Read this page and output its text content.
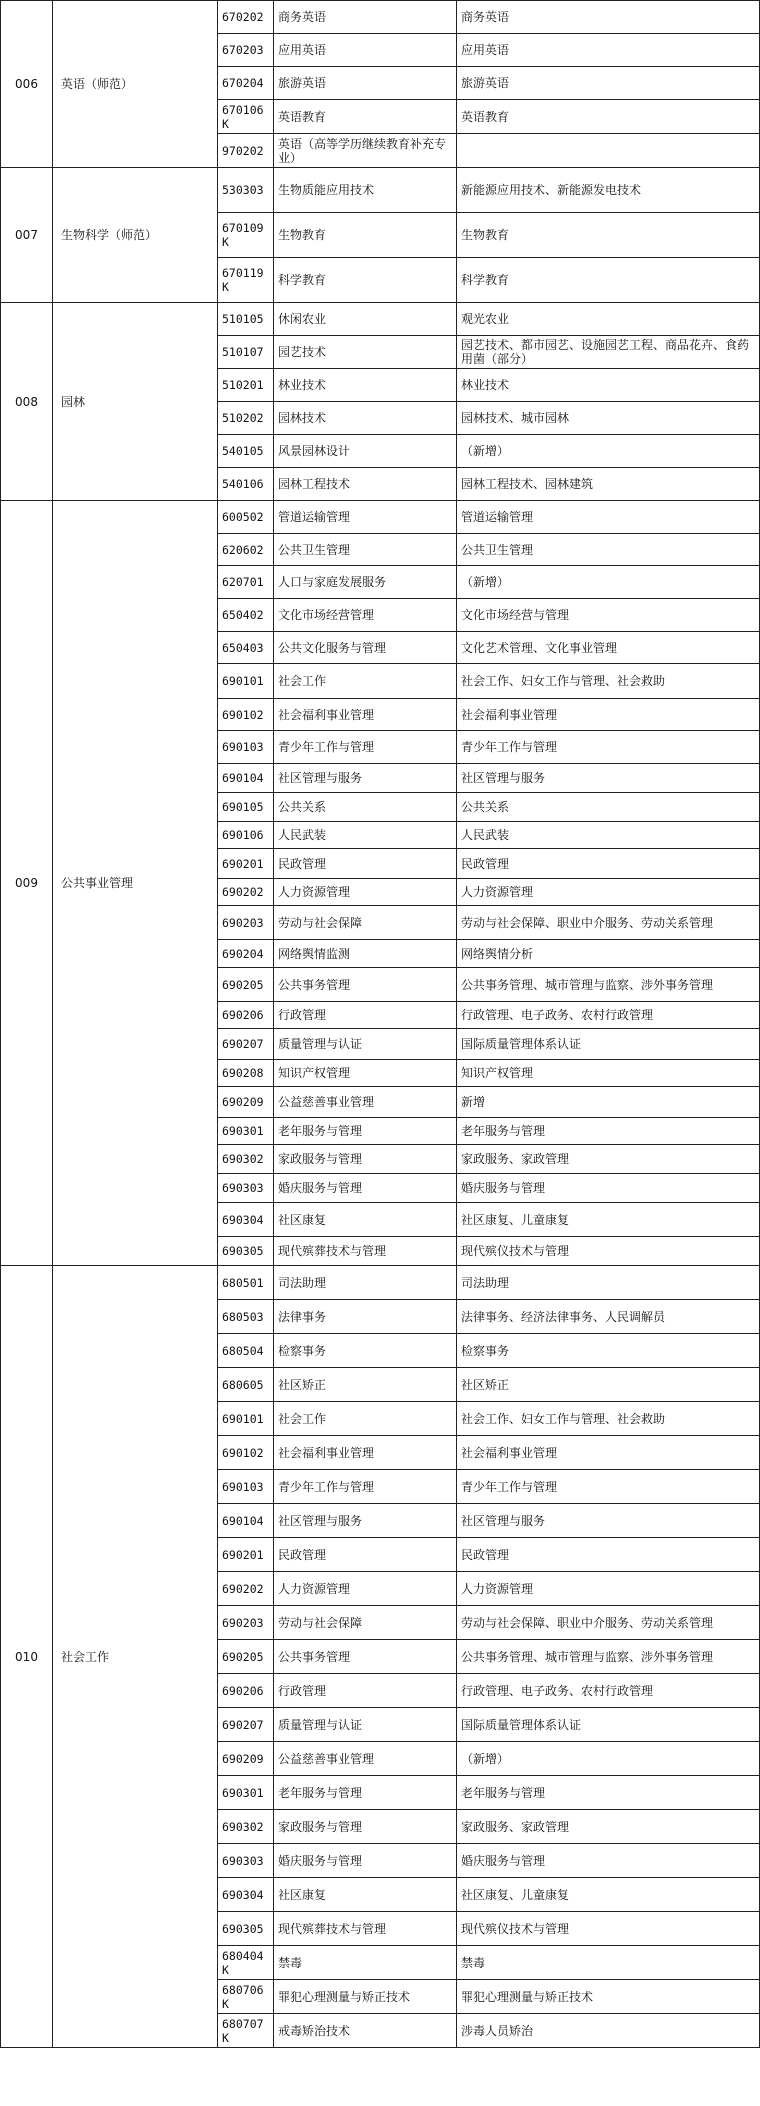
006	英语（师范）	670202	商务英语	商务英语
		670203	应用英语	应用英语
		670204	旅游英语	旅游英语
		670106K	英语教育	英语教育
		970202	英语（高等学历继续教育补充专业）	
007	生物科学（师范）	530303	生物质能应用技术	新能源应用技术、新能源发电技术
		670109K	生物教育	生物教育
		670119K	科学教育	科学教育
008	园林	510105	休闲农业	观光农业
		510107	园艺技术	园艺技术、都市园艺、设施园艺工程、商品花卉、食药用菌（部分）
		510201	林业技术	林业技术
		510202	园林技术	园林技术、城市园林
		540105	风景园林设计	（新增）
		540106	园林工程技术	园林工程技术、园林建筑
009	公共事业管理	600502	管道运输管理	管道运输管理
		620602	公共卫生管理	公共卫生管理
		620701	人口与家庭发展服务	（新增）
		650402	文化市场经营管理	文化市场经营与管理
		650403	公共文化服务与管理	文化艺术管理、文化事业管理
		690101	社会工作	社会工作、妇女工作与管理、社会救助
		690102	社会福利事业管理	社会福利事业管理
		690103	青少年工作与管理	青少年工作与管理
		690104	社区管理与服务	社区管理与服务
		690105	公共关系	公共关系
		690106	人民武装	人民武装
		690201	民政管理	民政管理
		690202	人力资源管理	人力资源管理
		690203	劳动与社会保障	劳动与社会保障、职业中介服务、劳动关系管理
		690204	网络舆情监测	网络舆情分析
		690205	公共事务管理	公共事务管理、城市管理与监察、涉外事务管理
		690206	行政管理	行政管理、电子政务、农村行政管理
		690207	质量管理与认证	国际质量管理体系认证
		690208	知识产权管理	知识产权管理
		690209	公益慈善事业管理	新增
		690301	老年服务与管理	老年服务与管理
		690302	家政服务与管理	家政服务、家政管理
		690303	婚庆服务与管理	婚庆服务与管理
		690304	社区康复	社区康复、儿童康复
		690305	现代殡葬技术与管理	现代殡仪技术与管理
010	社会工作	680501	司法助理	司法助理
		680503	法律事务	法律事务、经济法律事务、人民调解员
		680504	检察事务	检察事务
		680605	社区矫正	社区矫正
		690101	社会工作	社会工作、妇女工作与管理、社会救助
		690102	社会福利事业管理	社会福利事业管理
		690103	青少年工作与管理	青少年工作与管理
		690104	社区管理与服务	社区管理与服务
		690201	民政管理	民政管理
		690202	人力资源管理	人力资源管理
		690203	劳动与社会保障	劳动与社会保障、职业中介服务、劳动关系管理
		690205	公共事务管理	公共事务管理、城市管理与监察、涉外事务管理
		690206	行政管理	行政管理、电子政务、农村行政管理
		690207	质量管理与认证	国际质量管理体系认证
		690209	公益慈善事业管理	（新增）
		690301	老年服务与管理	老年服务与管理
		690302	家政服务与管理	家政服务、家政管理
		690303	婚庆服务与管理	婚庆服务与管理
		690304	社区康复	社区康复、儿童康复
		690305	现代殡葬技术与管理	现代殡仪技术与管理
		680404K	禁毒	禁毒
		680706K	罪犯心理测量与矫正技术	罪犯心理测量与矫正技术
		680707K	戒毒矫治技术	涉毒人员矫治
